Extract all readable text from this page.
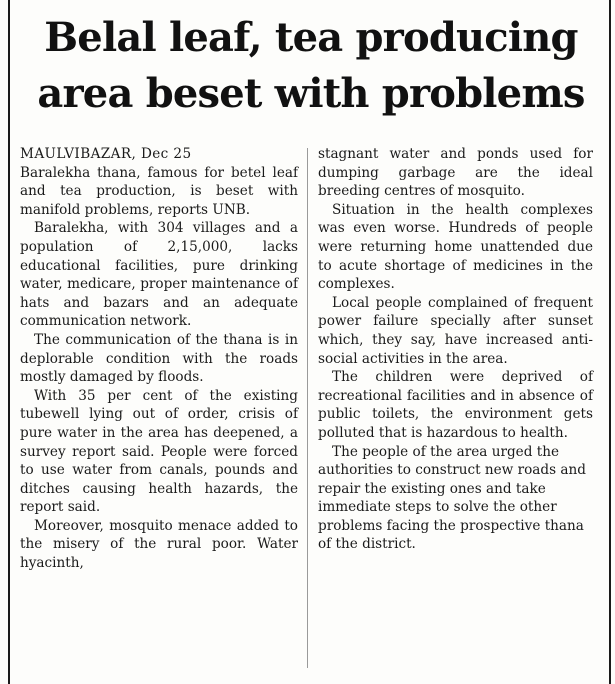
Belal leaf, tea producing
area beset with problems

MAULVIBAZAR, Dec 25
Baralekha thana, famous for betel leaf and tea production, is beset with manifold problems, reports UNB.

Baralekha, with 304 villages and a population of 2,15,000, lacks educational facilities, pure drinking water, medicare, proper maintenance of hats and bazars and an adequate communication network.

The communication of the thana is in deplorable condition with the roads mostly damaged by floods.

With 35 per cent of the existing tubewell lying out of order, crisis of pure water in the area has deepened, a survey report said. People were forced to use water from canals, pounds and ditches causing health hazards, the report said.

Moreover, mosquito menace added to the misery of the rural poor. Water hyacinth,

stagnant water and ponds used for dumping garbage are the ideal breeding centres of mosquito.

Situation in the health complexes was even worse. Hundreds of people were returning home unattended due to acute shortage of medicines in the complexes.

Local people complained of frequent power failure specially after sunset which, they say, have increased anti-social activities in the area.

The children were deprived of recreational facilities and in absence of public toilets, the environment gets polluted that is hazardous to health.

The people of the area urged the authorities to construct new roads and repair the existing ones and take immediate steps to solve the other problems facing the prospective thana of the district.
